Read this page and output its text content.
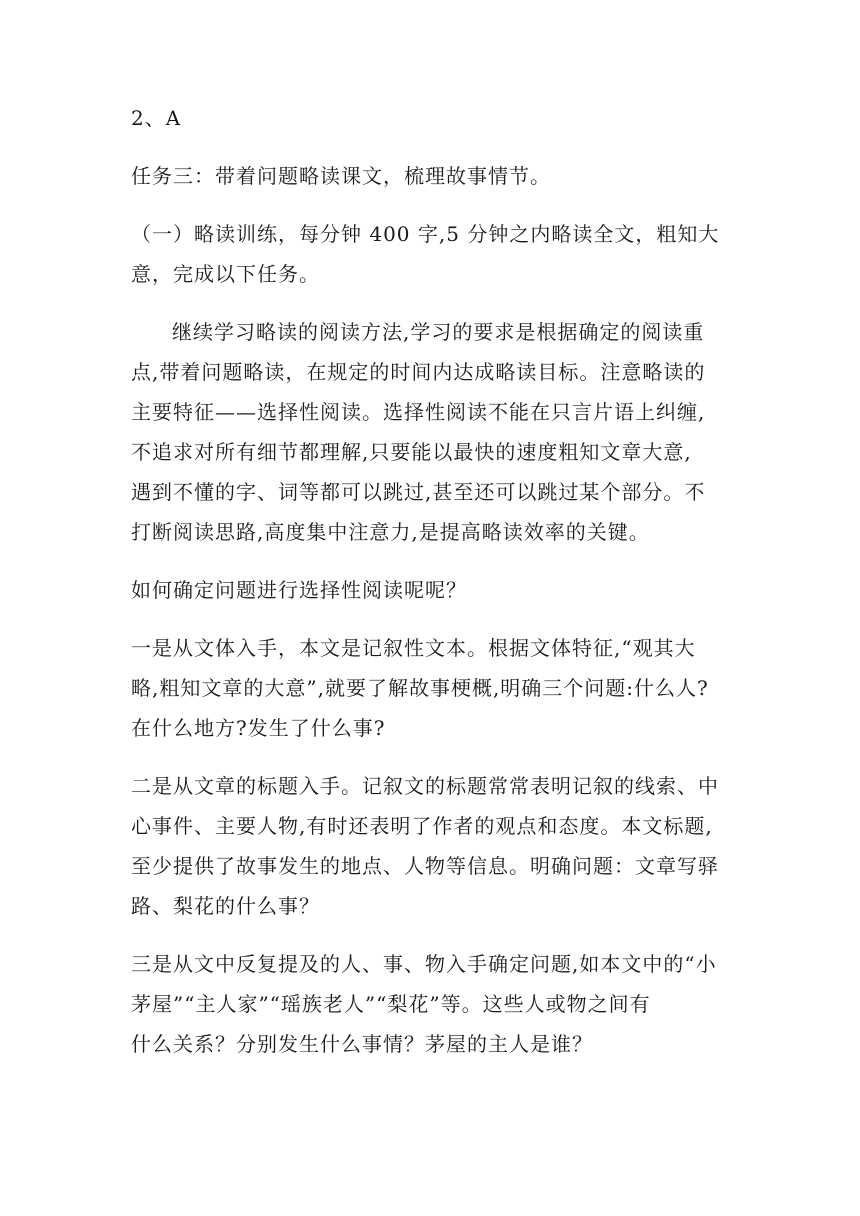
2、A
任务三：带着问题略读课文，梳理故事情节。
（一）略读训练，每分钟 400 字,5 分钟之内略读全文，粗知大
意，完成以下任务。
继续学习略读的阅读方法,学习的要求是根据确定的阅读重
点,带着问题略读，在规定的时间内达成略读目标。注意略读的
主要特征——选择性阅读。选择性阅读不能在只言片语上纠缠,
不追求对所有细节都理解,只要能以最快的速度粗知文章大意,
遇到不懂的字、词等都可以跳过,甚至还可以跳过某个部分。不
打断阅读思路,高度集中注意力,是提高略读效率的关键。
如何确定问题进行选择性阅读呢呢？
一是从文体入手，本文是记叙性文本。根据文体特征,“观其大
略,粗知文章的大意”,就要了解故事梗概,明确三个问题:什么人?
在什么地方?发生了什么事?
二是从文章的标题入手。记叙文的标题常常表明记叙的线索、中
心事件、主要人物,有时还表明了作者的观点和态度。本文标题,
至少提供了故事发生的地点、人物等信息。明确问题：文章写驿
路、梨花的什么事？
三是从文中反复提及的人、事、物入手确定问题,如本文中的“小
茅屋”“主人家”“瑶族老人”“梨花”等。这些人或物之间有
什么关系？分别发生什么事情？茅屋的主人是谁？
